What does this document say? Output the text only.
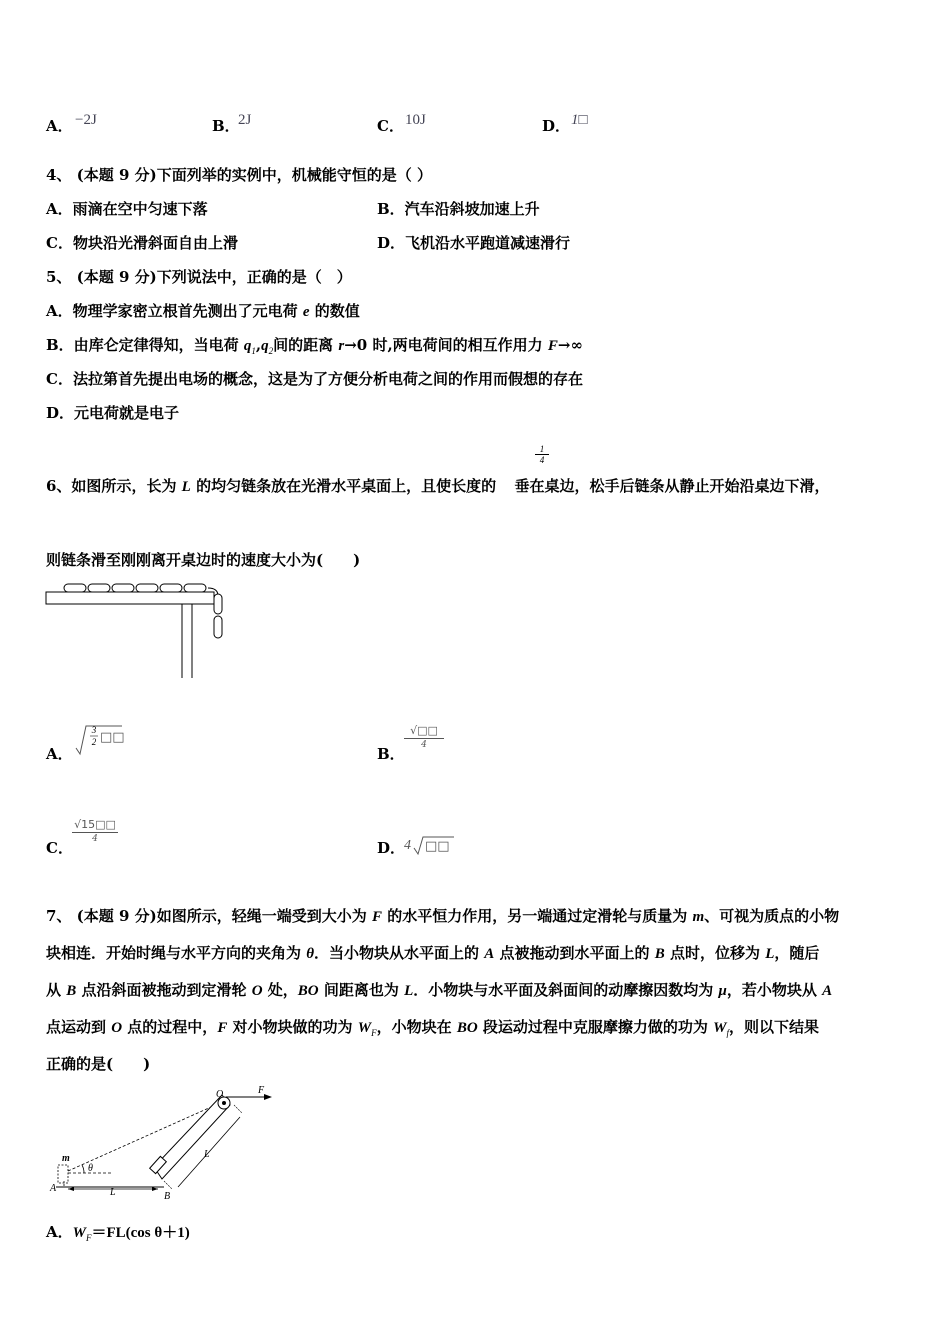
A． −2J	B．
2J	C． 10J	D． 1□
4、 (本题 9 分)下面列举的实例中，机械能守恒的是（ ）
A．雨滴在空中匀速下落	B．汽车沿斜坡加速上升
C．物块沿光滑斜面自由上滑	D．飞机沿水平跑道减速滑行
5、 (本题 9 分)下列说法中，正确的是（　）
A．物理学家密立根首先测出了元电荷 e 的数值
B．由库仑定律得知，当电荷 $q_1,q_2$间的距离 r→0 时,两电荷间的相互作用力 F→∞
C．法拉第首先提出电场的概念，这是为了方便分析电荷之间的作用而假想的存在
D．元电荷就是电子
$\frac{1}{4}$
6、如图所示，长为 L 的均匀链条放在光滑水平桌面上，且使长度的  垂在桌边，松手后链条从静止开始沿桌边下滑，
则链条滑至刚刚离开桌边时的速度大小为(　　)
A．
3
2 □□
B．
√□□
4
C．
√15□□
4	D．
4 □□
7、 (本题 9 分)如图所示，轻绳一端受到大小为 F 的水平恒力作用，另一端通过定滑轮与质量为 m、可视为质点的小物
块相连．开始时绳与水平方向的夹角为 θ．当小物块从水平面上的 A 点被拖动到水平面上的 B 点时，位移为 L，随后
从 B 点沿斜面被拖动到定滑轮 O 处，BO 间距离也为 L．小物块与水平面及斜面间的动摩擦因数均为 μ，若小物块从 A
点运动到 O 点的过程中，F 对小物块做的功为 $W_F$，小物块在 BO 段运动过程中克服摩擦力做的功为 $W_f$，则以下结果
正确的是(　　)
O	F
m
θ
A
B
L
L
A．$W_F=FL(\cos$ θ＋1)
